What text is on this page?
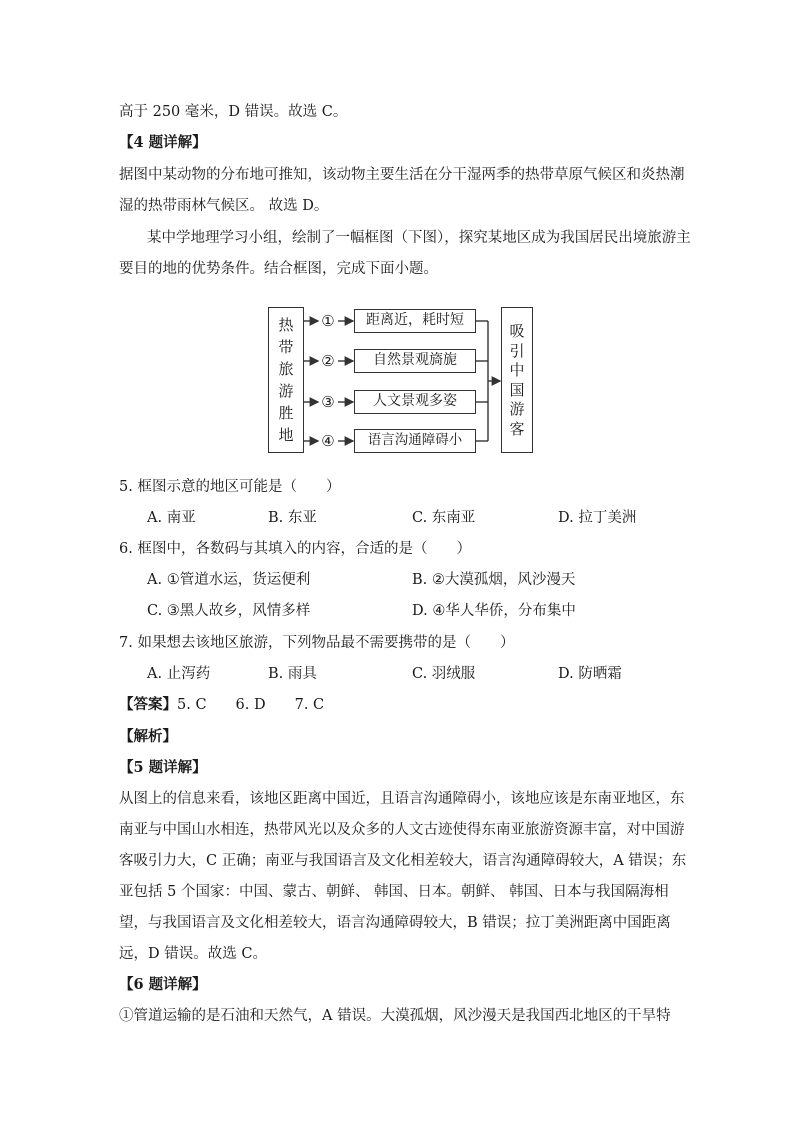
高于 250 毫米，D 错误。故选 C。
【4 题详解】
据图中某动物的分布地可推知，该动物主要生活在分干湿两季的热带草原气候区和炎热潮
湿的热带雨林气候区。 故选 D。
某中学地理学习小组，绘制了一幅框图（下图），探究某地区成为我国居民出境旅游主
要目的地的优势条件。结合框图，完成下面小题。
热
带
旅
游
胜
地
①
②
③
④
距离近，耗时短
自然景观旖旎
人文景观多姿
语言沟通障碍小
吸
引
中
国
游
客
5. 框图示意的地区可能是（　　）
A. 南亚	B. 东亚	C. 东南亚	D. 拉丁美洲
6. 框图中，各数码与其填入的内容，合适的是（　　）
A. ①管道水运，货运便利	B. ②大漠孤烟，风沙漫天
C. ③黑人故乡，风情多样	D. ④华人华侨，分布集中
7. 如果想去该地区旅游，下列物品最不需要携带的是（　　）
A. 止泻药	B. 雨具	C. 羽绒服	D. 防晒霜
【答案】5. C　　6. D　　7. C
【解析】
【5 题详解】
从图上的信息来看，该地区距离中国近，且语言沟通障碍小，该地应该是东南亚地区，东
南亚与中国山水相连，热带风光以及众多的人文古迹使得东南亚旅游资源丰富，对中国游
客吸引力大，C 正确；南亚与我国语言及文化相差较大，语言沟通障碍较大，A 错误；东
亚包括 5 个国家：中国、蒙古、朝鲜、 韩国、日本。朝鲜、 韩国、日本与我国隔海相
望，与我国语言及文化相差较大，语言沟通障碍较大，B 错误；拉丁美洲距离中国距离
远，D 错误。故选 C。
【6 题详解】
①管道运输的是石油和天然气，A 错误。大漠孤烟，风沙漫天是我国西北地区的干旱特
